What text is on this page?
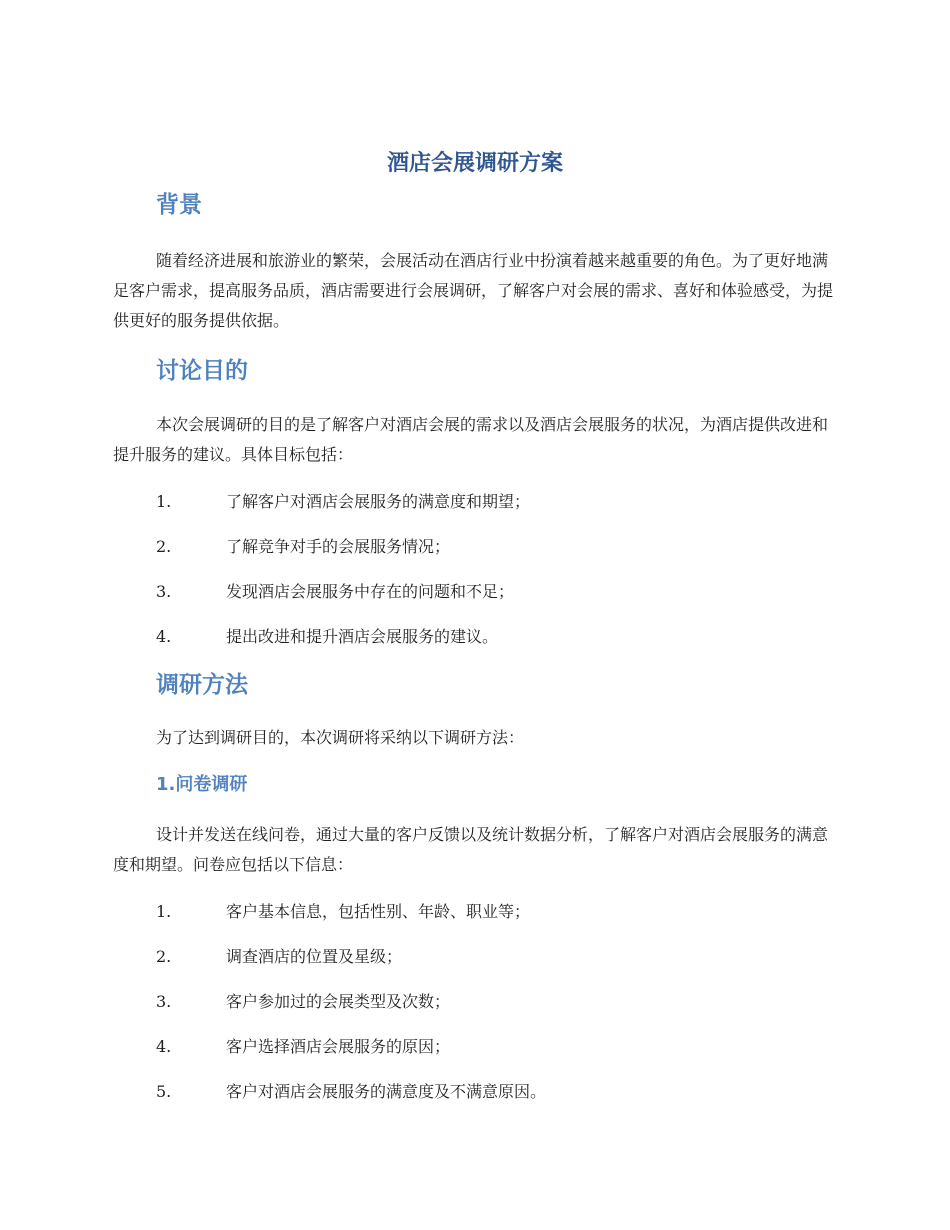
酒店会展调研方案
背景

随着经济进展和旅游业的繁荣，会展活动在酒店行业中扮演着越来越重要的角色。为了更好地满足客户需求，提高服务品质，酒店需要进行会展调研，了解客户对会展的需求、喜好和体验感受，为提供更好的服务提供依据。

讨论目的

本次会展调研的目的是了解客户对酒店会展的需求以及酒店会展服务的状况，为酒店提供改进和提升服务的建议。具体目标包括：

1.	了解客户对酒店会展服务的满意度和期望；

2.	了解竞争对手的会展服务情况；

3.	发现酒店会展服务中存在的问题和不足；

4.	提出改进和提升酒店会展服务的建议。

调研方法

为了达到调研目的，本次调研将采纳以下调研方法：

1.问卷调研

设计并发送在线问卷，通过大量的客户反馈以及统计数据分析，了解客户对酒店会展服务的满意度和期望。问卷应包括以下信息：

1.	客户基本信息，包括性别、年龄、职业等；

2.	调查酒店的位置及星级；

3.	客户参加过的会展类型及次数；

4.	客户选择酒店会展服务的原因；

5.	客户对酒店会展服务的满意度及不满意原因。
